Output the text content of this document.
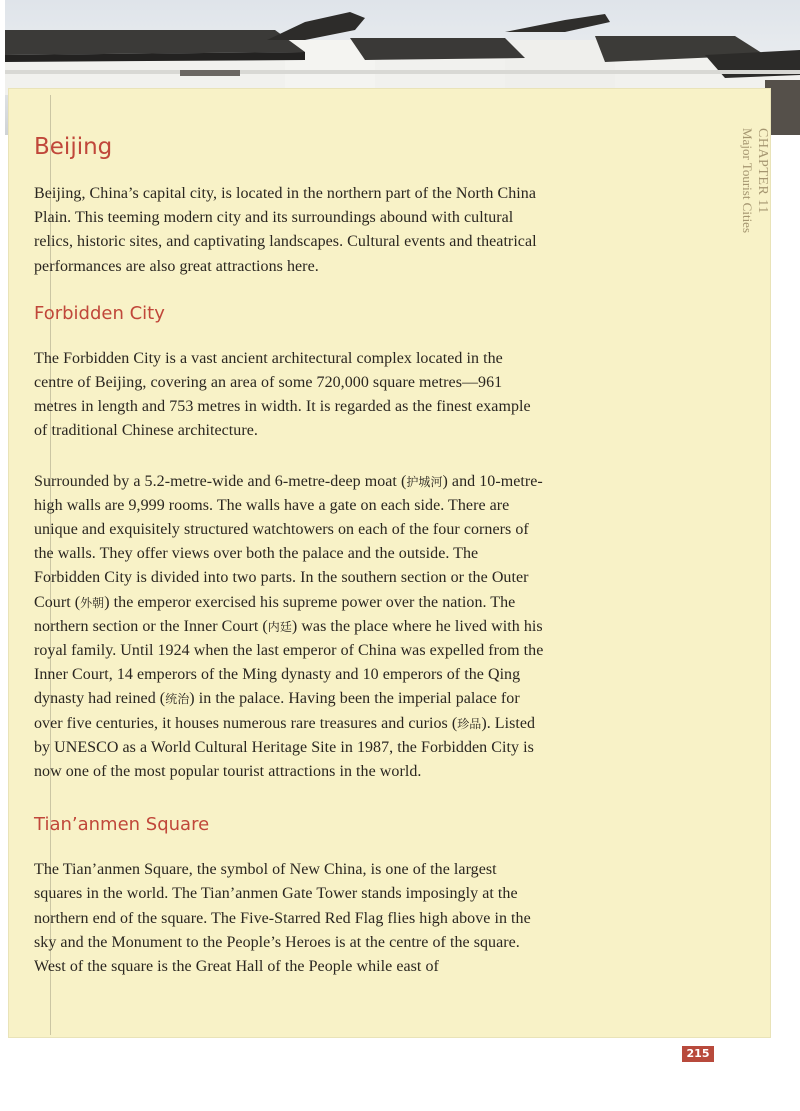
CHAPTER 11
Major Tourist Cities
Beijing

Beijing, China’s capital city, is located in the northern part of the North China Plain. This teeming modern city and its surroundings abound with cultural relics, historic sites, and captivating landscapes. Cultural events and theatrical performances are also great attractions here.

Forbidden City

The Forbidden City is a vast ancient architectural complex located in the centre of Beijing, covering an area of some 720,000 square metres—961 metres in length and 753 metres in width. It is regarded as the finest example of traditional Chinese architecture.

Surrounded by a 5.2-metre-wide and 6-metre-deep moat (护城河) and 10-metre-high walls are 9,999 rooms. The walls have a gate on each side. There are unique and exquisitely structured watchtowers on each of the four corners of the walls. They offer views over both the palace and the outside. The Forbidden City is divided into two parts. In the southern section or the Outer Court (外朝) the emperor exercised his supreme power over the nation. The northern section or the Inner Court (内廷) was the place where he lived with his royal family. Until 1924 when the last emperor of China was expelled from the Inner Court, 14 emperors of the Ming dynasty and 10 emperors of the Qing dynasty had reined (统治) in the palace. Having been the imperial palace for over five centuries, it houses numerous rare treasures and curios (珍品). Listed by UNESCO as a World Cultural Heritage Site in 1987, the Forbidden City is now one of the most popular tourist attractions in the world.

Tian’anmen Square

The Tian’anmen Square, the symbol of New China, is one of the largest squares in the world. The Tian’anmen Gate Tower stands imposingly at the northern end of the square. The Five-Starred Red Flag flies high above in the sky and the Monument to the People’s Heroes is at the centre of the square. West of the square is the Great Hall of the People while east of

215
